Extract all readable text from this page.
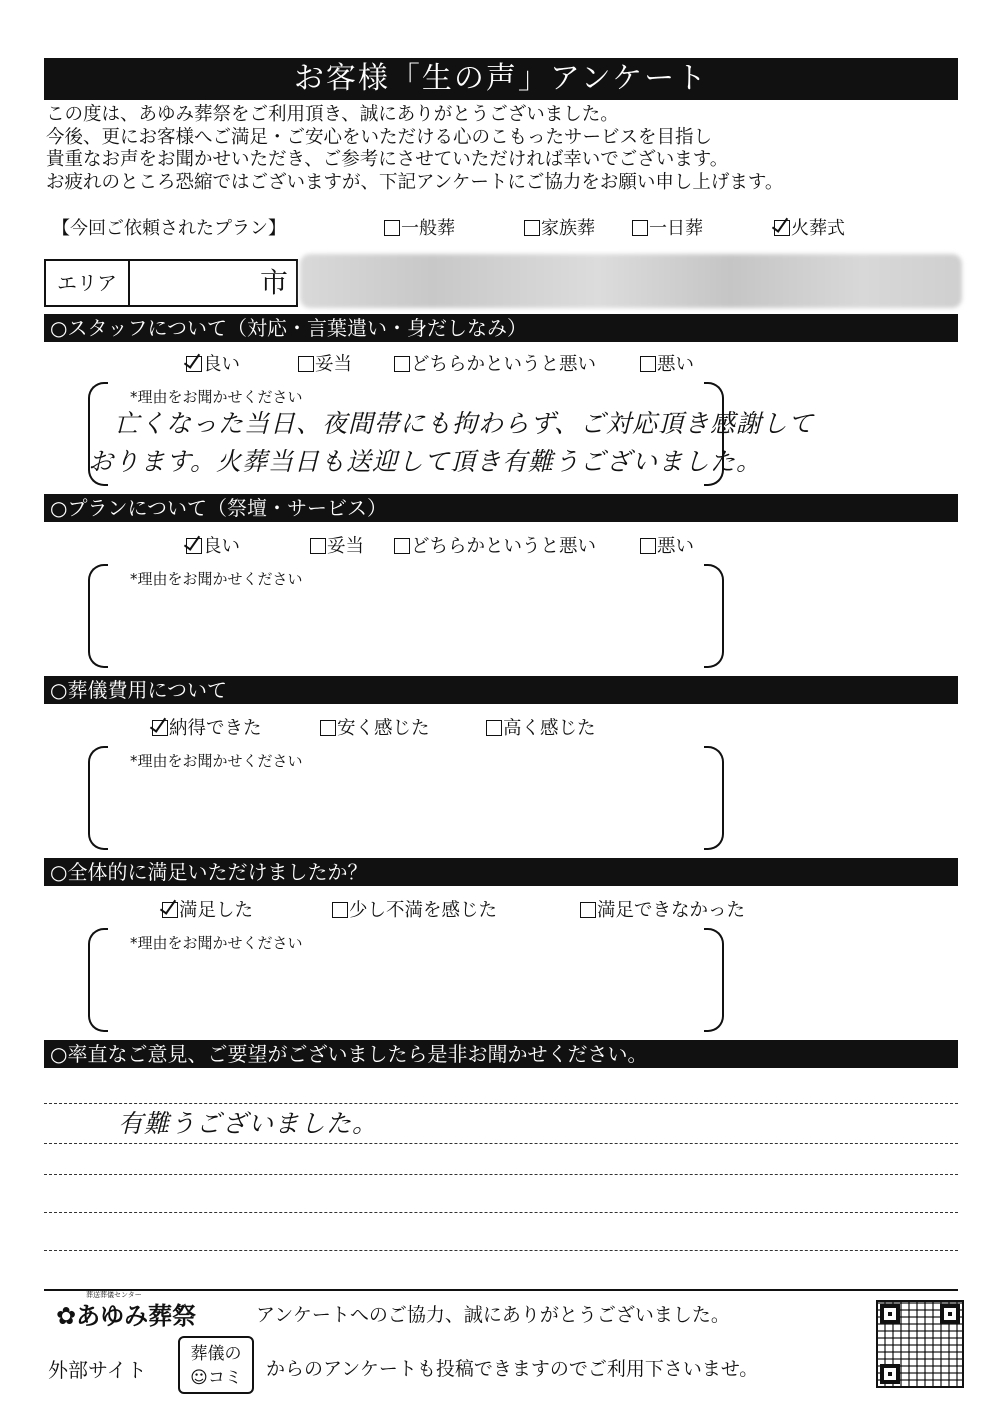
お客様「生の声」アンケート
この度は、あゆみ葬祭をご利用頂き、誠にありがとうございました。
今後、更にお客様へご満足・ご安心をいただける心のこもったサービスを目指し
貴重なお声をお聞かせいただき、ご参考にさせていただければ幸いでございます。
お疲れのところ恐縮ではございますが、下記アンケートにご協力をお願い申し上げます。
【今回ご依頼されたプラン】	一般葬	家族葬	一日葬	火葬式
エリア	市
○スタッフについて（対応・言葉遣い・身だしなみ）
良い	妥当	どちらかというと悪い	悪い
*理由をお聞かせください
亡くなった当日、夜間帯にも拘わらず、ご対応頂き感謝して
おります。火葬当日も送迎して頂き有難うございました。
○プランについて（祭壇・サービス）
良い	妥当	どちらかというと悪い	悪い
*理由をお聞かせください
○葬儀費用について
納得できた	安く感じた	高く感じた
*理由をお聞かせください
○全体的に満足いただけましたか？
満足した	少し不満を感じた	満足できなかった
*理由をお聞かせください
○率直なご意見、ご要望がございましたら是非お聞かせください。
有難うございました。
葬送葬儀センター
✿あゆみ葬祭	アンケートへのご協力、誠にありがとうございました。
外部サイト
葬儀の
☺コミ	からのアンケートも投稿できますのでご利用下さいませ。
